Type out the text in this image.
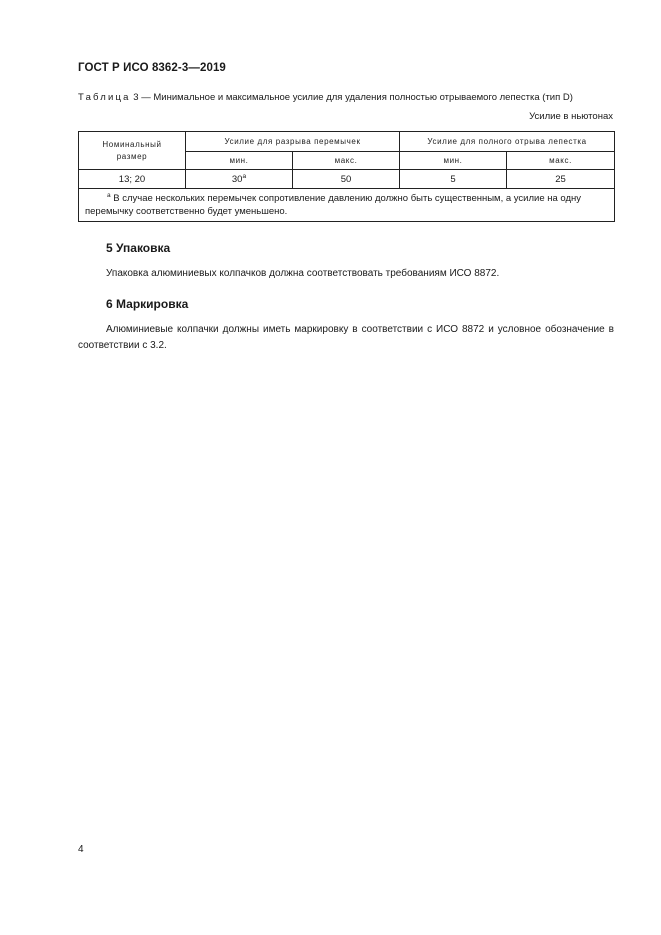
ГОСТ Р ИСО 8362-3—2019
Таблица 3 — Минимальное и максимальное усилие для удаления полностью отрываемого лепестка (тип D)
Усилие в ньютонах
Номинальный
размер	Усилие для разрыва перемычек		Усилие для полного отрыва лепестка	
	мин.	макс.	мин.	макс.
13; 20	$30^а$	50	5	25

$^а$ В случае нескольких перемычек сопротивление давлению должно быть существенным, а усилие на одну
перемычку соответственно будет уменьшено.				
5 Упаковка
Упаковка алюминиевых колпачков должна соответствовать требованиям ИСО 8872.
6 Маркировка
Алюминиевые колпачки должны иметь маркировку в соответствии с ИСО 8872 и условное обозначение в соответствии с 3.2.
4
